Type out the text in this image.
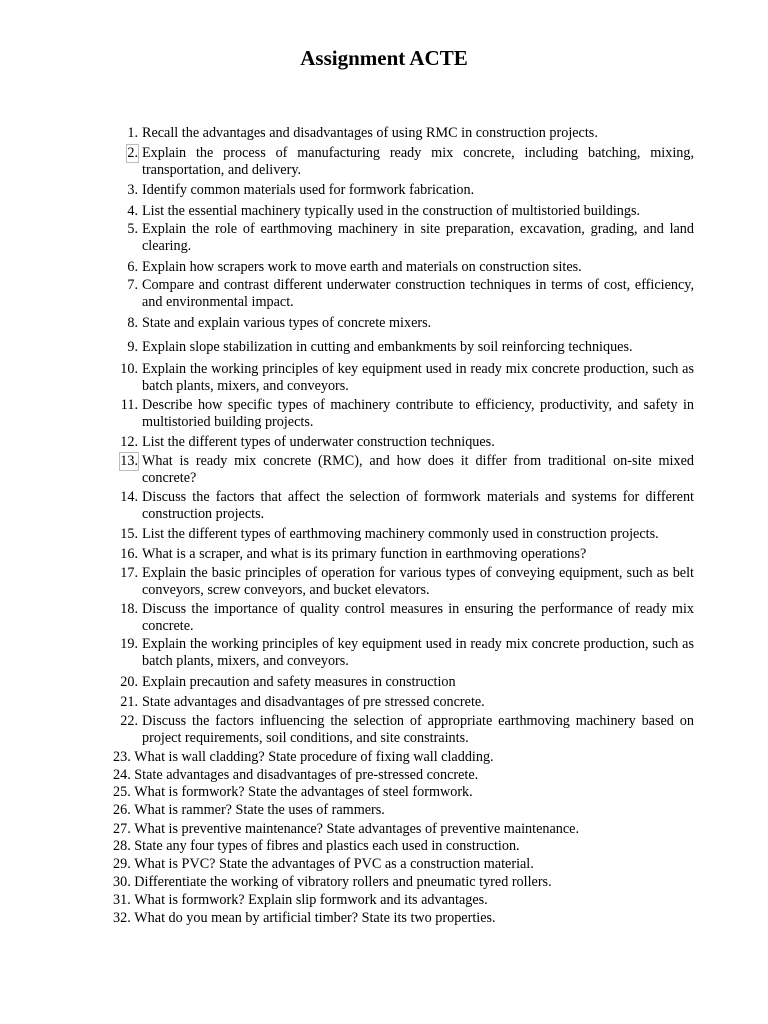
Assignment ACTE
1. Recall the advantages and disadvantages of using RMC in construction projects.
2. Explain the process of manufacturing ready mix concrete, including batching, mixing, transportation, and delivery.
3. Identify common materials used for formwork fabrication.
4. List the essential machinery typically used in the construction of multistoried buildings.
5. Explain the role of earthmoving machinery in site preparation, excavation, grading, and land clearing.
6. Explain how scrapers work to move earth and materials on construction sites.
7. Compare and contrast different underwater construction techniques in terms of cost, efficiency, and environmental impact.
8. State and explain various types of concrete mixers.
9. Explain slope stabilization in cutting and embankments by soil reinforcing techniques.
10. Explain the working principles of key equipment used in ready mix concrete production, such as batch plants, mixers, and conveyors.
11. Describe how specific types of machinery contribute to efficiency, productivity, and safety in multistoried building projects.
12. List the different types of underwater construction techniques.
13. What is ready mix concrete (RMC), and how does it differ from traditional on-site mixed concrete?
14. Discuss the factors that affect the selection of formwork materials and systems for different construction projects.
15. List the different types of earthmoving machinery commonly used in construction projects.
16. What is a scraper, and what is its primary function in earthmoving operations?
17. Explain the basic principles of operation for various types of conveying equipment, such as belt conveyors, screw conveyors, and bucket elevators.
18. Discuss the importance of quality control measures in ensuring the performance of ready mix concrete.
19. Explain the working principles of key equipment used in ready mix concrete production, such as batch plants, mixers, and conveyors.
20. Explain precaution and safety measures in construction
21. State advantages and disadvantages of pre stressed concrete.
22. Discuss the factors influencing the selection of appropriate earthmoving machinery based on project requirements, soil conditions, and site constraints.
23. What is wall cladding? State procedure of fixing wall cladding.
24. State advantages and disadvantages of pre-stressed concrete.
25. What is formwork? State the advantages of steel formwork.
26. What is rammer? State the uses of rammers.
27. What is preventive maintenance? State advantages of preventive maintenance.
28. State any four types of fibres and plastics each used in construction.
29. What is PVC? State the advantages of PVC as a construction material.
30. Differentiate the working of vibratory rollers and pneumatic tyred rollers.
31. What is formwork? Explain slip formwork and its advantages.
32. What do you mean by artificial timber? State its two properties.
